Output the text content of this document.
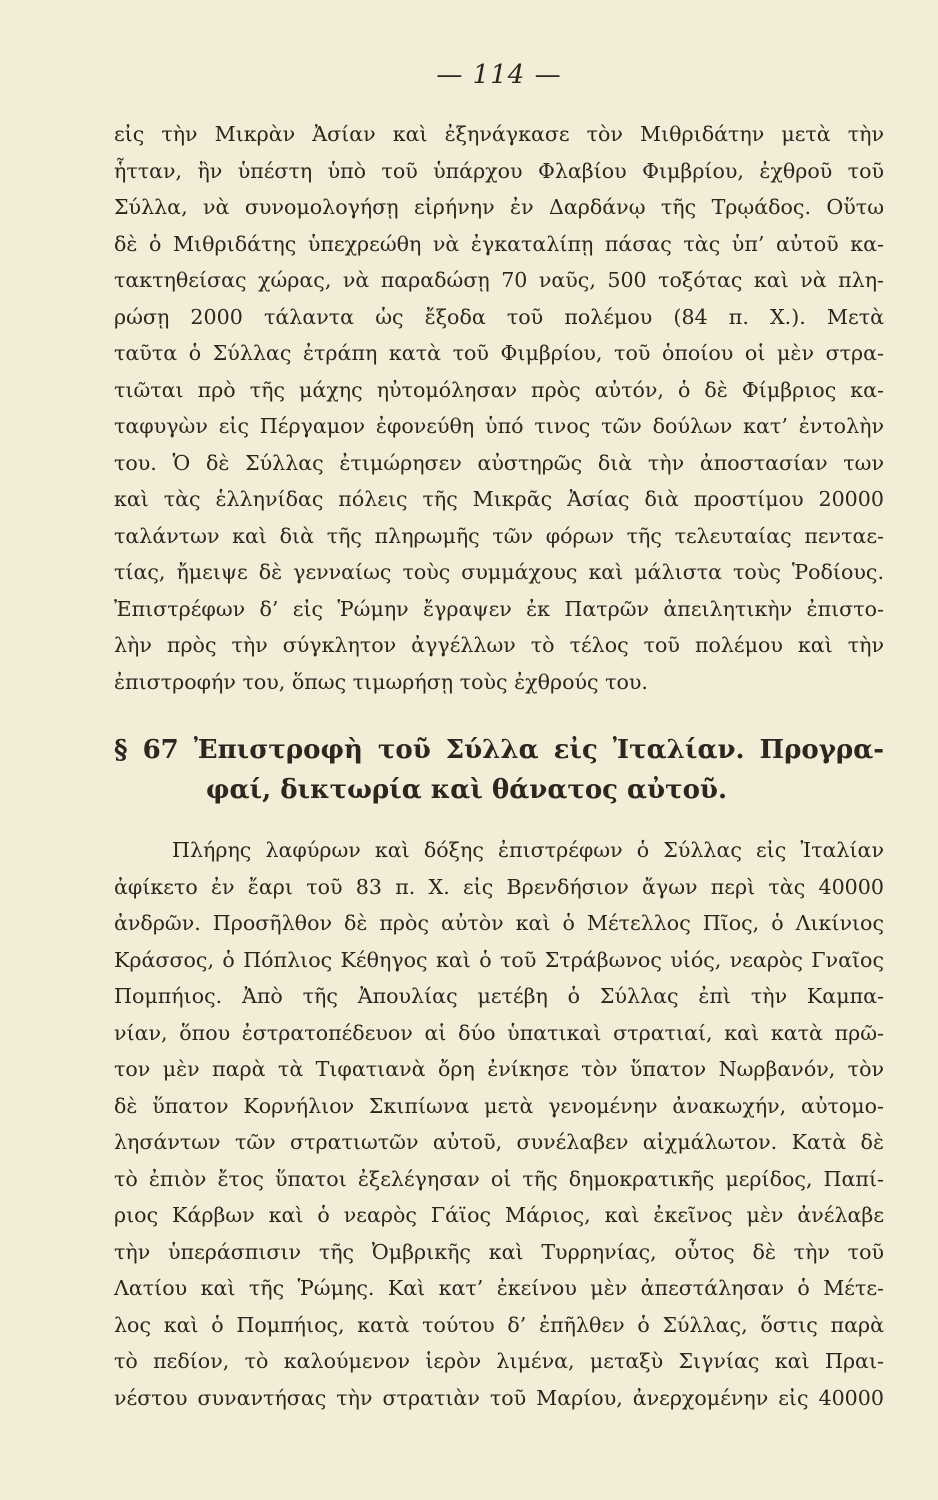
— 114 —
εἰς τὴν Μικρὰν Ἀσίαν καὶ ἐξηνάγκασε τὸν Μιθριδάτην μετὰ τὴν
ἧτταν, ἣν ὑπέστη ὑπὸ τοῦ ὑπάρχου Φλαβίου Φιμβρίου, ἐχθροῦ τοῦ
Σύλλα, νὰ συνομολογήσῃ εἰρήνην ἐν Δαρδάνῳ τῆς Τρῳάδος. Οὕτω
δὲ ὁ Μιθριδάτης ὑπεχρεώθη νὰ ἐγκαταλίπῃ πάσας τὰς ὑπ’ αὐτοῦ κα-
τακτηθείσας χώρας, νὰ παραδώσῃ 70 ναῦς, 500 τοξότας καὶ νὰ πλη-
ρώσῃ 2000 τάλαντα ὡς ἔξοδα τοῦ πολέμου (84 π. Χ.). Μετὰ
ταῦτα ὁ Σύλλας ἐτράπη κατὰ τοῦ Φιμβρίου, τοῦ ὁποίου οἱ μὲν στρα-
τιῶται πρὸ τῆς μάχης ηὐτομόλησαν πρὸς αὐτόν, ὁ δὲ Φίμβριος κα-
ταφυγὼν εἰς Πέργαμον ἐφονεύθη ὑπό τινος τῶν δούλων κατ’ ἐντολὴν
του. Ὁ δὲ Σύλλας ἐτιμώρησεν αὐστηρῶς διὰ τὴν ἀποστασίαν των
καὶ τὰς ἑλληνίδας πόλεις τῆς Μικρᾶς Ἀσίας διὰ προστίμου 20000
ταλάντων καὶ διὰ τῆς πληρωμῆς τῶν φόρων τῆς τελευταίας πενταε-
τίας, ἤμειψε δὲ γενναίως τοὺς συμμάχους καὶ μάλιστα τοὺς Ῥοδίους.
Ἐπιστρέφων δ’ εἰς Ῥώμην ἔγραψεν ἐκ Πατρῶν ἀπειλητικὴν ἐπιστο-
λὴν πρὸς τὴν σύγκλητον ἀγγέλλων τὸ τέλος τοῦ πολέμου καὶ τὴν
ἐπιστροφήν του, ὅπως τιμωρήσῃ τοὺς ἐχθρούς του.
§ 67 Ἐπιστροφὴ τοῦ Σύλλα εἰς Ἰταλίαν. Προγρα-
φαί, δικτωρία καὶ θάνατος αὐτοῦ.
Πλήρης λαφύρων καὶ δόξης ἐπιστρέφων ὁ Σύλλας εἰς Ἰταλίαν
ἀφίκετο ἐν ἔαρι τοῦ 83 π. Χ. εἰς Βρενδήσιον ἄγων περὶ τὰς 40000
ἀνδρῶν. Προσῆλθον δὲ πρὸς αὐτὸν καὶ ὁ Μέτελλος Πῖος, ὁ Λικίνιος
Κράσσος, ὁ Πόπλιος Κέθηγος καὶ ὁ τοῦ Στράβωνος υἱός, νεαρὸς Γναῖος
Πομπήιος. Ἀπὸ τῆς Ἀπουλίας μετέβη ὁ Σύλλας ἐπὶ τὴν Καμπα-
νίαν, ὅπου ἐστρατοπέδευον αἱ δύο ὑπατικαὶ στρατιαί, καὶ κατὰ πρῶ-
τον μὲν παρὰ τὰ Τιφατιανὰ ὄρη ἐνίκησε τὸν ὕπατον Νωρβανόν, τὸν
δὲ ὕπατον Κορνήλιον Σκιπίωνα μετὰ γενομένην ἀνακωχήν, αὐτομο-
λησάντων τῶν στρατιωτῶν αὐτοῦ, συνέλαβεν αἰχμάλωτον. Κατὰ δὲ
τὸ ἐπιὸν ἔτος ὕπατοι ἐξελέγησαν οἱ τῆς δημοκρατικῆς μερίδος, Παπί-
ριος Κάρβων καὶ ὁ νεαρὸς Γάϊος Μάριος, καὶ ἐκεῖνος μὲν ἀνέλαβε
τὴν ὑπεράσπισιν τῆς Ὀμβρικῆς καὶ Τυρρηνίας, οὗτος δὲ τὴν τοῦ
Λατίου καὶ τῆς Ῥώμης. Καὶ κατ’ ἐκείνου μὲν ἀπεστάλησαν ὁ Μέτε-
λος καὶ ὁ Πομπήιος, κατὰ τούτου δ’ ἐπῆλθεν ὁ Σύλλας, ὅστις παρὰ
τὸ πεδίον, τὸ καλούμενον ἱερὸν λιμένα, μεταξὺ Σιγνίας καὶ Πραι-
νέστου συναντήσας τὴν στρατιὰν τοῦ Μαρίου, ἀνερχομένην εἰς 40000
